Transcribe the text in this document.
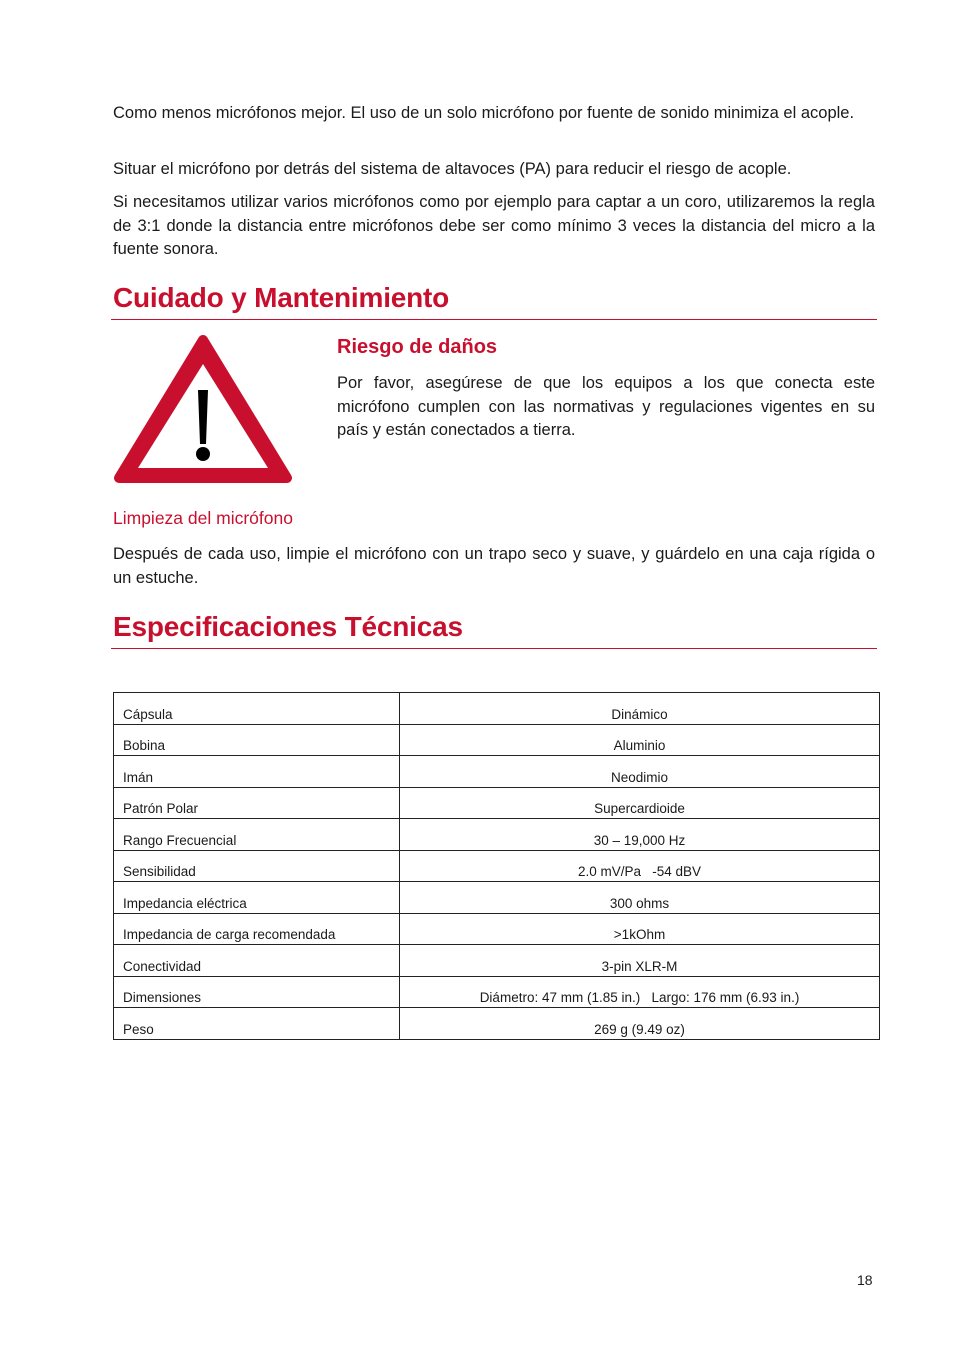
Como menos micrófonos mejor. El uso de un solo micrófono por fuente de sonido minimiza el acople.

Situar el micrófono por detrás del sistema de altavoces (PA) para reducir el riesgo de acople.

Si necesitamos utilizar varios micrófonos como por ejemplo para captar a un coro, utilizaremos la regla de 3:1 donde la distancia entre micrófonos debe ser como mínimo 3 veces la distancia del micro a la fuente sonora.

Cuidado y Mantenimiento
Riesgo de daños

Por favor, asegúrese de que los equipos a los que conecta este micrófono cumplen con las normativas y regulaciones vigentes en su país y están conectados a tierra.

Limpieza del micrófono

Después de cada uso, limpie el micrófono con un trapo seco y suave, y guárdelo en una caja rígida o un estuche.

Especificaciones Técnicas
Cápsula	Dinámico
Bobina	Aluminio
Imán	Neodimio
Patrón Polar	Supercardioide
Rango Frecuencial	30 – 19,000 Hz
Sensibilidad	2.0 mV/Pa   -54 dBV
Impedancia eléctrica	300 ohms
Impedancia de carga recomendada	>1kOhm
Conectividad	3-pin XLR-M
Dimensiones	Diámetro: 47 mm (1.85 in.)   Largo: 176 mm (6.93 in.)
Peso	269 g (9.49 oz)
18
